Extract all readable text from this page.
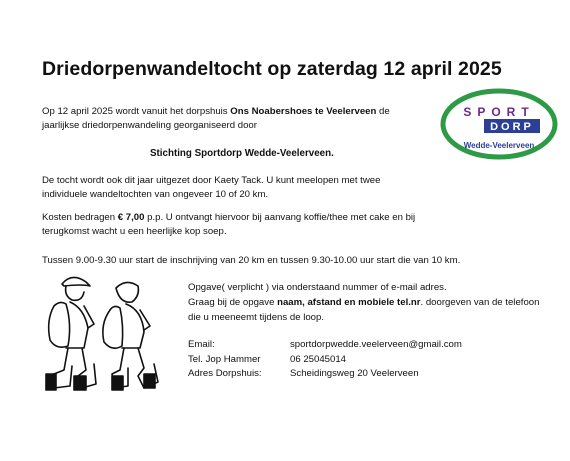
Driedorpenwandeltocht op zaterdag 12 april 2025

Op 12 april 2025 wordt vanuit het dorpshuis Ons Noabershoes te Veelerveen de jaarlijkse driedorpenwandeling georganiseerd door

Stichting Sportdorp Wedde-Veelerveen.

De tocht wordt ook dit jaar uitgezet door Kaety Tack. U kunt meelopen met twee individuele wandeltochten van ongeveer 10 of 20 km.

Kosten bedragen € 7,00 p.p. U ontvangt hiervoor bij aanvang koffie/thee met cake en bij terugkomst wacht u een heerlijke kop soep.

Tussen 9.00-9.30 uur start de inschrijving van 20 km en tussen 9.30-10.00 uur start die van 10 km.

SPORT
DORP
Wedde-Veelerveen

Opgave( verplicht ) via onderstaand nummer of e-mail adres.

Graag bij de opgave naam, afstand en mobiele tel.nr. doorgeven van de telefoon die u meeneemt tijdens de loop.

Email:	sportdorpwedde.veelerveen@gmail.com
Tel. Jop Hammer	06 25045014
Adres Dorpshuis:	Scheidingsweg 20 Veelerveen
